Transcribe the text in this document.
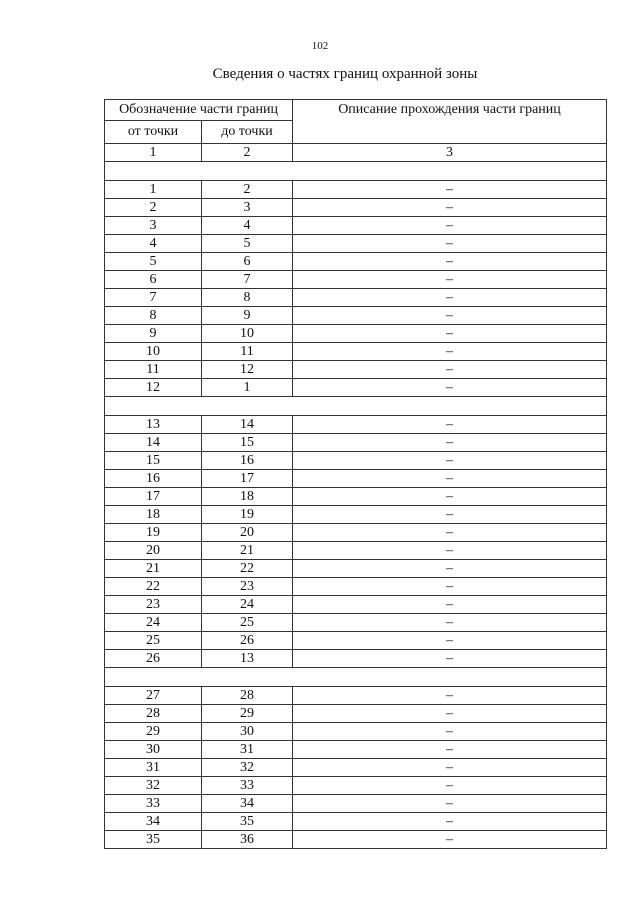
102
Сведения о частях границ охранной зоны
Обозначение части границ		Описание прохождения части границ
от точки	до точки	
1	2	3

1	2	–
2	3	–
3	4	–
4	5	–
5	6	–
6	7	–
7	8	–
8	9	–
9	10	–
10	11	–
11	12	–
12	1	–

13	14	–
14	15	–
15	16	–
16	17	–
17	18	–
18	19	–
19	20	–
20	21	–
21	22	–
22	23	–
23	24	–
24	25	–
25	26	–
26	13	–

27	28	–
28	29	–
29	30	–
30	31	–
31	32	–
32	33	–
33	34	–
34	35	–
35	36	–
